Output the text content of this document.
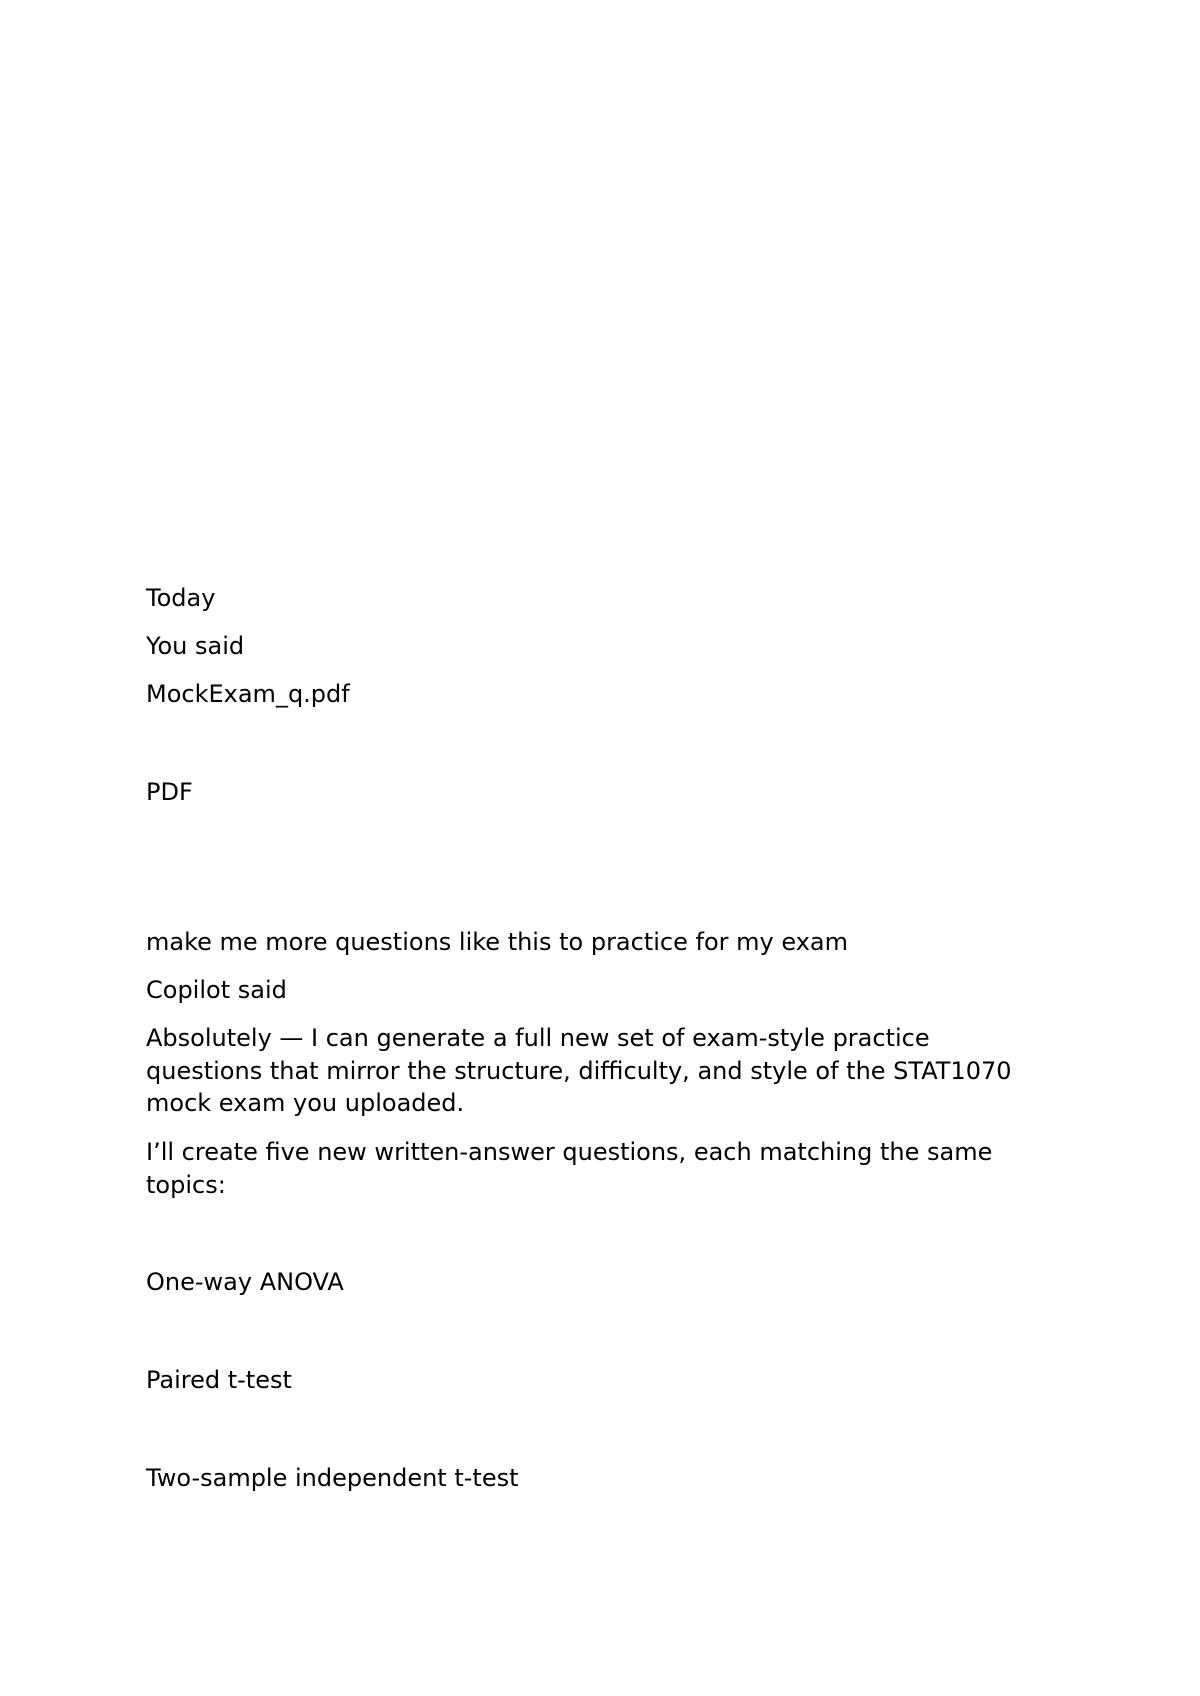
Today

You said

MockExam_q.pdf

PDF

make me more questions like this to practice for my exam

Copilot said

Absolutely — I can generate a full new set of exam-style practice questions that mirror the structure, difficulty, and style of the STAT1070 mock exam you uploaded.

I’ll create five new written-answer questions, each matching the same topics:

One-way ANOVA

Paired t-test

Two-sample independent t-test
